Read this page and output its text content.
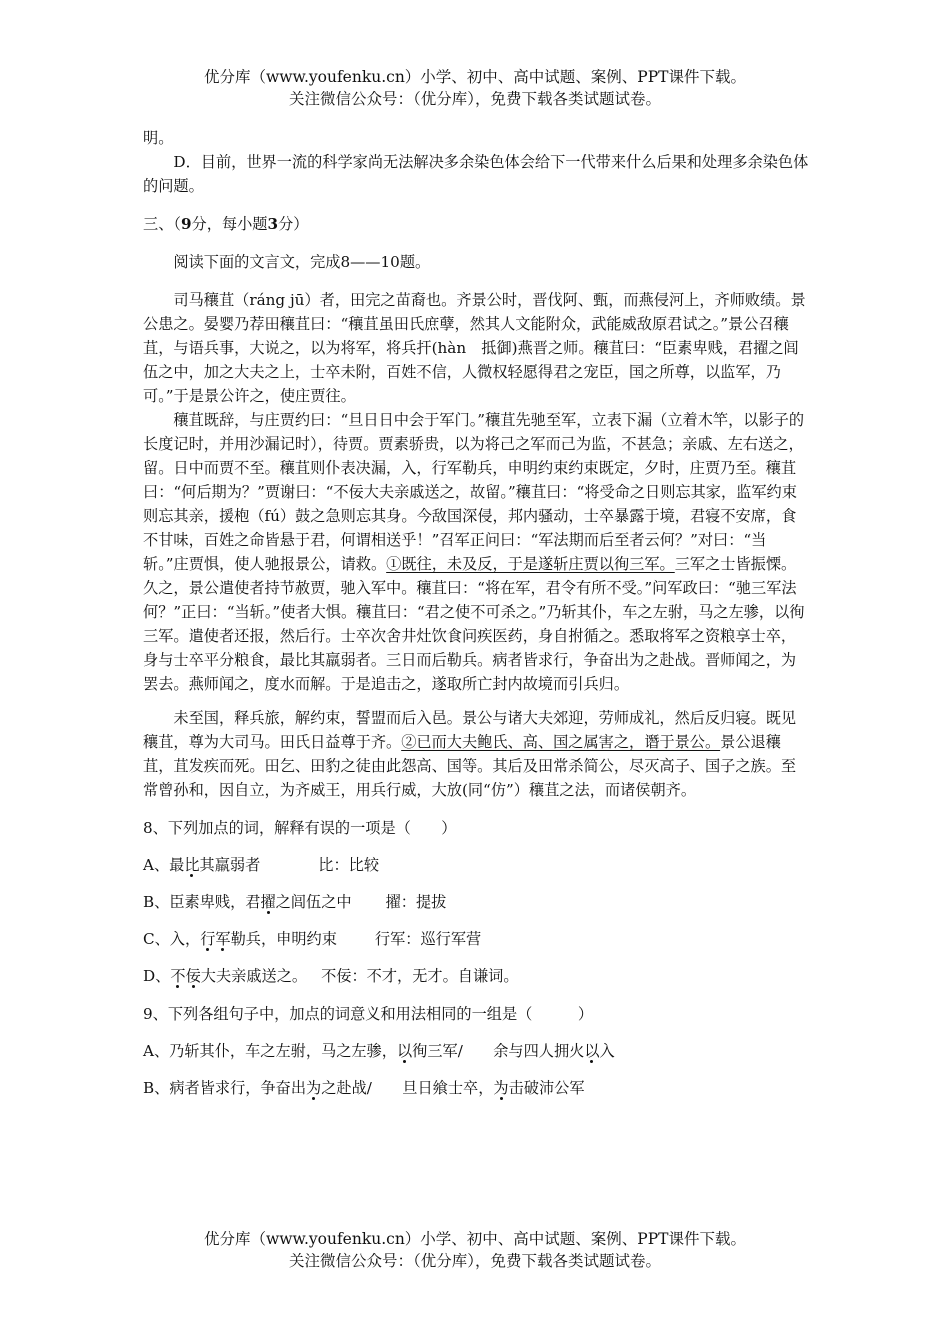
优分库（www.youfenku.cn）小学、初中、高中试题、案例、PPT课件下载。
关注微信公众号：（优分库），免费下载各类试题试卷。

明。

D．目前，世界一流的科学家尚无法解决多余染色体会给下一代带来什么后果和处理多余染色体的问题。

三、（9分，每小题3分）

阅读下面的文言文，完成8——10题。

司马穰苴（ráng jū）者，田完之苗裔也。齐景公时，晋伐阿、甄，而燕侵河上，齐师败绩。景公患之。晏婴乃荐田穰苴曰：“穰苴虽田氏庶孽，然其人文能附众，武能威敌原君试之。”景公召穰苴，与语兵事，大说之，以为将军，将兵扞(hàn　抵御)燕晋之师。穰苴曰：“臣素卑贱，君擢之闾伍之中，加之大夫之上，士卒未附，百姓不信，人微权轻愿得君之宠臣，国之所尊，以监军，乃可。”于是景公许之，使庄贾往。

穰苴既辞，与庄贾约曰：“旦日日中会于军门。”穰苴先驰至军，立表下漏（立着木竿，以影子的长度记时，并用沙漏记时），待贾。贾素骄贵，以为将己之军而己为监，不甚急；亲戚、左右送之，留。日中而贾不至。穰苴则仆表决漏，入，行军勒兵，申明约束约束既定，夕时，庄贾乃至。穰苴曰：“何后期为？”贾谢曰：“不佞大夫亲戚送之，故留。”穰苴曰：“将受命之日则忘其家，监军约束则忘其亲，援枹（fú）鼓之急则忘其身。今敌国深侵，邦内骚动，士卒暴露于境，君寝不安席，食不甘味，百姓之命皆悬于君，何谓相送乎！”召军正问曰：“军法期而后至者云何？”对曰：“当斩。”庄贾惧，使人驰报景公，请救。①既往，未及反，于是遂斩庄贾以徇三军。三军之士皆振慄。久之，景公遣使者持节赦贾，驰入军中。穰苴曰：“将在军，君令有所不受。”问军政曰：“驰三军法何？”正曰：“当斩。”使者大惧。穰苴曰：“君之使不可杀之。”乃斩其仆，车之左驸，马之左骖，以徇三军。遣使者还报，然后行。士卒次舍井灶饮食问疾医药，身自拊循之。悉取将军之资粮享士卒，身与士卒平分粮食，最比其羸弱者。三日而后勒兵。病者皆求行，争奋出为之赴战。晋师闻之，为罢去。燕师闻之，度水而解。于是追击之，遂取所亡封内故境而引兵归。

未至国，释兵旅，解约束，誓盟而后入邑。景公与诸大夫郊迎，劳师成礼，然后反归寝。既见穰苴，尊为大司马。田氏日益尊于齐。②已而大夫鲍氏、高、国之属害之，谮于景公。景公退穰苴，苴发疾而死。田乞、田豹之徒由此怨高、国等。其后及田常杀简公，尽灭高子、国子之族。至常曾孙和，因自立，为齐威王，用兵行威，大放(同“仿”）穰苴之法，而诸侯朝齐。

8、下列加点的词，解释有误的一项是（　　）

A、最比其羸弱者	比：比较

B、臣素卑贱，君擢之闾伍之中 擢：提拔

C、入，行军勒兵，申明约束	行军：巡行军营

D、不佞大夫亲戚送之。 不佞：不才，无才。自谦词。

9、下列各组句子中，加点的词意义和用法相同的一组是（　　　）

A、乃斩其仆，车之左驸，马之左骖，以徇三军/　　余与四人拥火以入

B、病者皆求行，争奋出为之赴战/　　旦日飨士卒，为击破沛公军

优分库（www.youfenku.cn）小学、初中、高中试题、案例、PPT课件下载。
关注微信公众号：（优分库），免费下载各类试题试卷。
